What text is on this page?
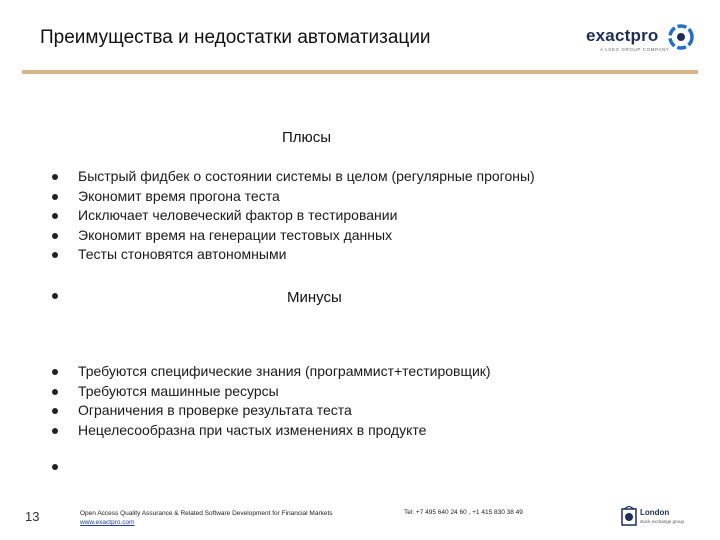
Преимущества и недостатки автоматизации	exactpro
A LSEG GROUP COMPANY
Плюсы
Быстрый фидбек о состоянии системы в целом (регулярные прогоны)
Экономит время прогона теста
Исключает человеческий фактор в тестировании
Экономит время на генерации тестовых данных
Тесты стоновятся автономными
Минусы
Требуются специфические знания (программист+тестировщик)
Требуются машинные ресурсы
Ограничения в проверке результата теста
Нецелесообразна при частых изменениях в продукте
13	Open Access Quality Assurance & Related Software Development for Financial Markets
www.exactpro.com
Tel: +7 495 640 24 60 , +1 415 830 38 49	London
stock exchange group
